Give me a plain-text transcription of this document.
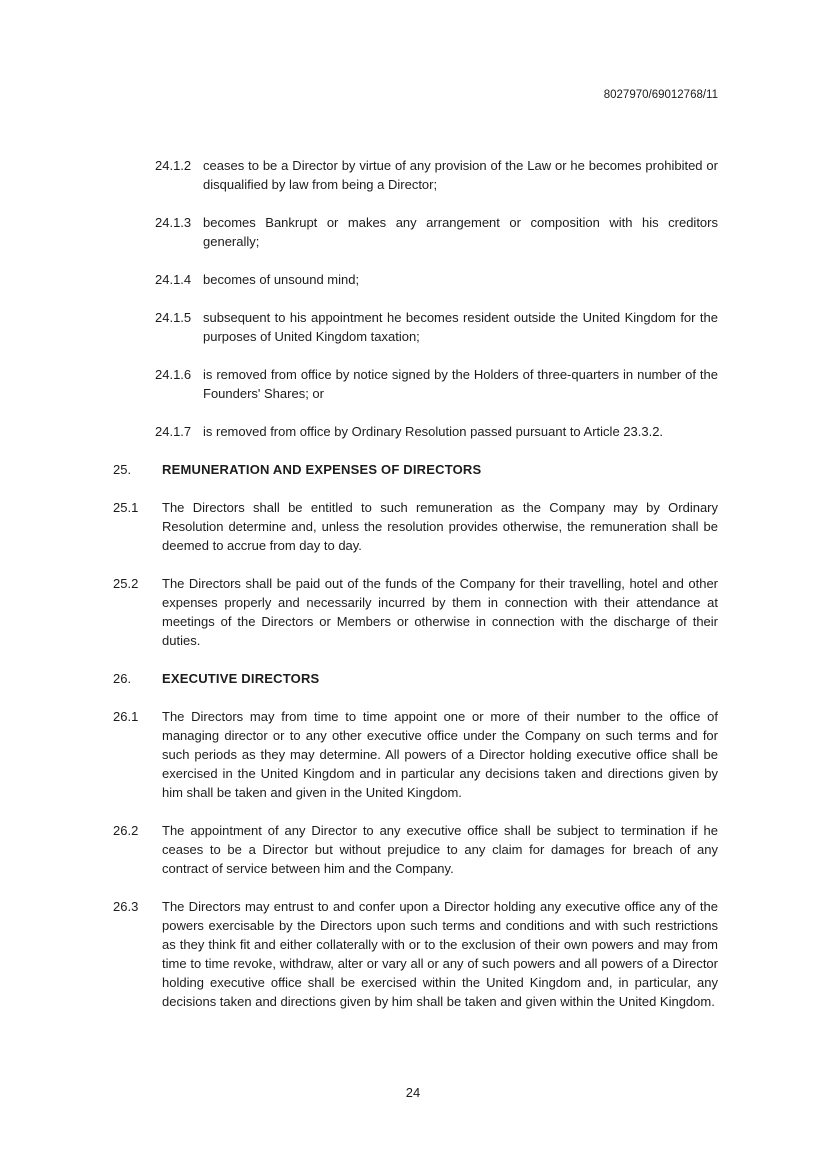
8027970/69012768/11
24.1.2 ceases to be a Director by virtue of any provision of the Law or he becomes prohibited or disqualified by law from being a Director;
24.1.3 becomes Bankrupt or makes any arrangement or composition with his creditors generally;
24.1.4 becomes of unsound mind;
24.1.5 subsequent to his appointment he becomes resident outside the United Kingdom for the purposes of United Kingdom taxation;
24.1.6 is removed from office by notice signed by the Holders of three-quarters in number of the Founders' Shares; or
24.1.7 is removed from office by Ordinary Resolution passed pursuant to Article 23.3.2.
25.	REMUNERATION AND EXPENSES OF DIRECTORS
25.1	The Directors shall be entitled to such remuneration as the Company may by Ordinary Resolution determine and, unless the resolution provides otherwise, the remuneration shall be deemed to accrue from day to day.
25.2	The Directors shall be paid out of the funds of the Company for their travelling, hotel and other expenses properly and necessarily incurred by them in connection with their attendance at meetings of the Directors or Members or otherwise in connection with the discharge of their duties.
26.	EXECUTIVE DIRECTORS
26.1	The Directors may from time to time appoint one or more of their number to the office of managing director or to any other executive office under the Company on such terms and for such periods as they may determine. All powers of a Director holding executive office shall be exercised in the United Kingdom and in particular any decisions taken and directions given by him shall be taken and given in the United Kingdom.
26.2	The appointment of any Director to any executive office shall be subject to termination if he ceases to be a Director but without prejudice to any claim for damages for breach of any contract of service between him and the Company.
26.3	The Directors may entrust to and confer upon a Director holding any executive office any of the powers exercisable by the Directors upon such terms and conditions and with such restrictions as they think fit and either collaterally with or to the exclusion of their own powers and may from time to time revoke, withdraw, alter or vary all or any of such powers and all powers of a Director holding executive office shall be exercised within the United Kingdom and, in particular, any decisions taken and directions given by him shall be taken and given within the United Kingdom.
24
